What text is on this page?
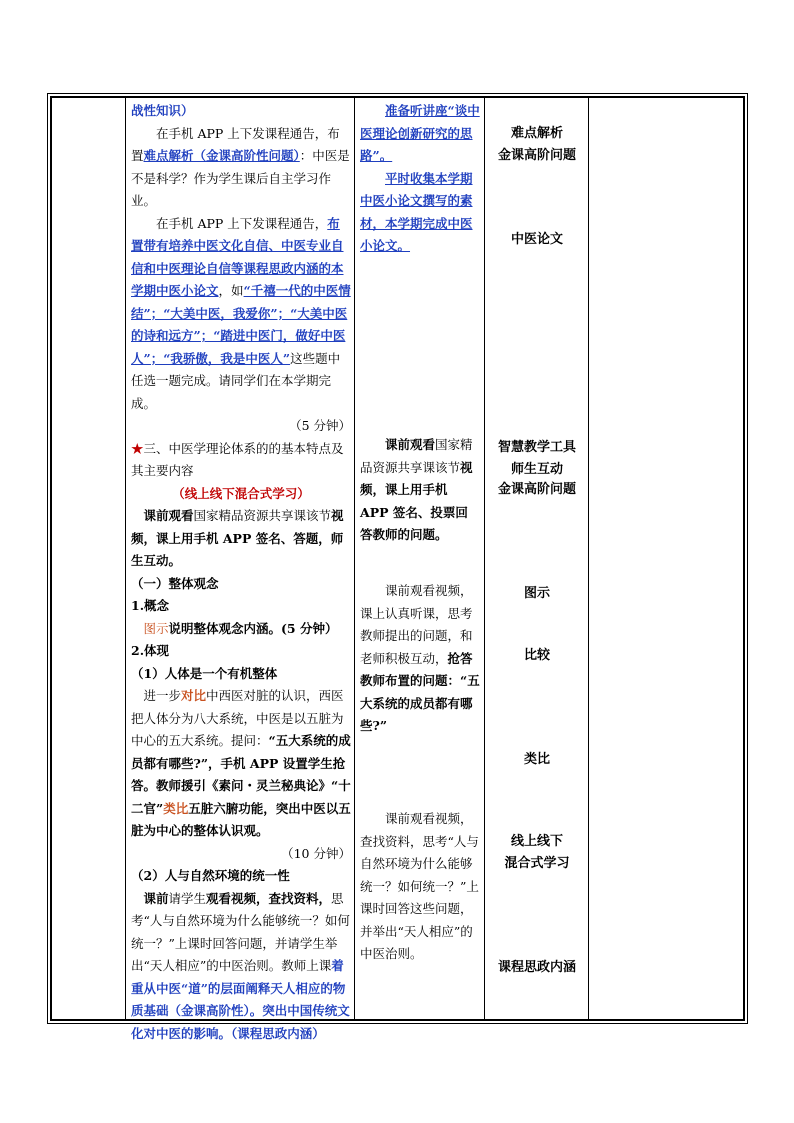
战性知识）

在手机 APP 上下发课程通告，布置难点解析（金课高阶性问题）：中医是不是科学？作为学生课后自主学习作业。

在手机 APP 上下发课程通告，布置带有培养中医文化自信、中医专业自信和中医理论自信等课程思政内涵的本学期中医小论文，如“千禧一代的中医情结”；“大美中医，我爱你”；“大美中医的诗和远方”；“踏进中医门，做好中医人”；“我骄傲，我是中医人”这些题中任选一题完成。请同学们在本学期完成。

（5 分钟）

★三、中医学理论体系的的基本特点及其主要内容

（线上线下混合式学习）

课前观看国家精品资源共享课该节视频，课上用手机 APP 签名、答题，师生互动。

（一）整体观念

1.概念

图示说明整体观念内涵。(5 分钟）

2.体现

（1）人体是一个有机整体

进一步对比中西医对脏的认识，西医把人体分为八大系统，中医是以五脏为中心的五大系统。提问：“五大系统的成员都有哪些?”，手机 APP 设置学生抢答。教师援引《素问・灵兰秘典论》“十二官”类比五脏六腑功能，突出中医以五脏为中心的整体认识观。

（10 分钟）

（2）人与自然环境的统一性

课前请学生观看视频，查找资料，思考“人与自然环境为什么能够统一？如何统一？”上课时回答问题，并请学生举出“天人相应”的中医治则。教师上课着重从中医“道”的层面阐释天人相应的物质基础（金课高阶性）。突出中国传统文化对中医的影响。（课程思政内涵）

准备听讲座“谈中医理论创新研究的思路”。

平时收集本学期中医小论文撰写的素材，本学期完成中医小论文。

课前观看国家精品资源共享课该节视频，课上用手机 APP 签名、投票回答教师的问题。

课前观看视频，课上认真听课，思考教师提出的问题，和老师积极互动，抢答教师布置的问题：“五大系统的成员都有哪些?”

课前观看视频，查找资料，思考“人与自然环境为什么能够统一？如何统一？”上课时回答这些问题，并举出“天人相应”的中医治则。

难点解析
金课高阶问题
中医论文
智慧教学工具
师生互动
金课高阶问题
图示
比较
类比
线上线下
混合式学习
课程思政内涵
